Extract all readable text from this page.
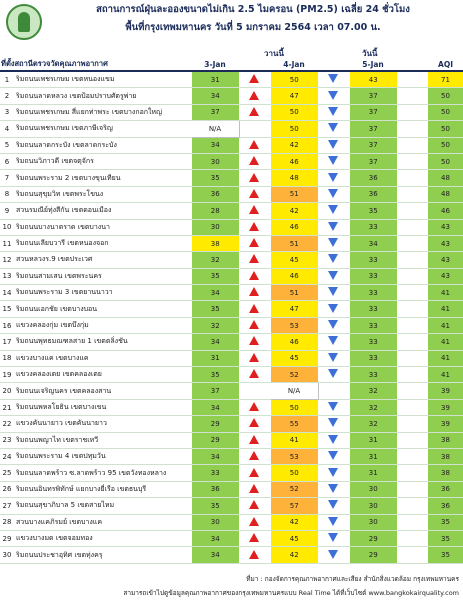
สถานการณ์ฝุ่นละอองขนาดไม่เกิน 2.5 ไมครอน (PM2.5) เฉลี่ย 24 ชั่วโมง
พื้นที่กรุงเทพมหานคร วันที่ 5 มกราคม 2564 เวลา 07.00 น.
วานนี้	วันนี้
ที่ตั้งสถานีตรวจวัดคุณภาพอากาศ		3-Jan		4-Jan		5-Jan		AQI
1	ริมถนนเพชรเกษม เขตหนองแขม	31		50		43		71
2	ริมถนนลาดหลวง เขตป้อมปราบศัตรูพ่าย	34		47		37		50
3	ริมถนนเพชรเกษม สี่แยกท่าพระ เขตบางกอกใหญ่	37		50		37		50
4	ริมถนนเพชรเกษม เขตภาษีเจริญ	N/A		50		37		50
5	ริมถนนลาดกระบัง เขตลาดกระบัง	34		42		37		50
6	ริมถนนวิภาวดี เขตจตุจักร	30		46		37		50
7	ริมถนนพระราม 2 เขตบางขุนเทียน	35		48		36		48
8	ริมถนนสุขุมวิท เขตพระโขนง	36		51		36		48
9	สวนรมณีย์ทุ่งสีกัน เขตดอนเมือง	28		42		35		46
10	ริมถนนบางนาตราด เขตบางนา	30		46		33		43
11	ริมถนนเลียบวารี เขตหนองจอก	38		51		34		43
12	สวนหลวงร.9 เขตประเวศ	32		45		33		43
13	ริมถนนสามเสน เขตพระนคร	35		46		33		43
14	ริมถนนพระราม 3 เขตยานนาวา	34		51		33		41
15	ริมถนนเอกชัย เขตบางบอน	35		47		33		41
16	แขวงคลองกุ่ม เขตบึงกุ่ม	32		53		33		41
17	ริมถนนพุทธมณฑลสาย 1 เขตตลิ่งชัน	34		46		33		41
18	แขวงบางแค เขตบางแค	31		45		33		41
19	แขวงคลองเตย เขตคลองเตย	35		52		33		41
20	ริมถนนเจริญนคร เขตคลองสาน	37		N/A		32		39
21	ริมถนนพหลโยธิน เขตบางเขน	34		50		32		39
22	แขวงคันนายาว เขตคันนายาว	29		55		32		39
23	ริมถนนพญาไท เขตราชเทวี	29		41		31		38
24	ริมถนนพระราม 4 เขตปทุมวัน	34		53		31		38
25	ริมถนนลาดพร้าว ซ.ลาดพร้าว 95 เขตวังทองหลาง	33		50		31		38
26	ริมถนนอินทรพิทักษ์ แยกบางยี่เรือ เขตธนบุรี	36		52		30		36
27	ริมถนนสุขาภิบาล 5 เขตสายไหม	35		57		30		36
28	สวนบางแคภิรมย์ เขตบางแค	30		42		30		35
29	แขวงบางมด เขตจอมทอง	34		45		29		35
30	ริมถนนประชาอุทิศ เขตทุ่งครุ	34		42		29		35
ที่มา : กองจัดการคุณภาพอากาศและเสียง สำนักสิ่งแวดล้อม กรุงเทพมหานคร
สามารถเข้าไปดูข้อมูลคุณภาพอากาศของกรุงเทพมหานครแบบ Real Time ได้ที่เว็บไซต์ www.bangkokairquality.com
